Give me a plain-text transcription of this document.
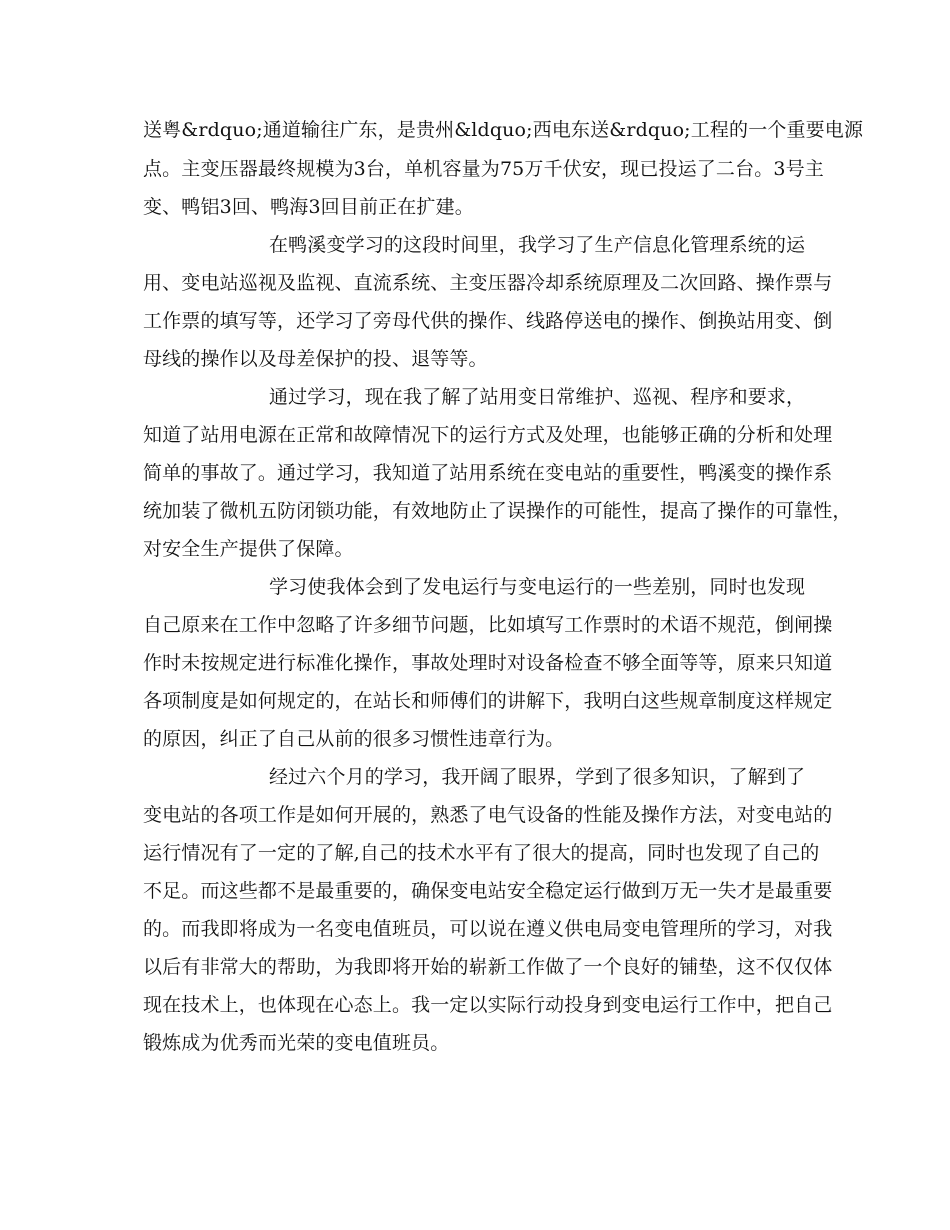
送粤&rdquo;通道输往广东，是贵州&ldquo;西电东送&rdquo;工程的一个重要电源

点。主变压器最终规模为3台，单机容量为75万千伏安，现已投运了二台。3号主

变、鸭铝3回、鸭海3回目前正在扩建。

在鸭溪变学习的这段时间里，我学习了生产信息化管理系统的运

用、变电站巡视及监视、直流系统、主变压器冷却系统原理及二次回路、操作票与

工作票的填写等，还学习了旁母代供的操作、线路停送电的操作、倒换站用变、倒

母线的操作以及母差保护的投、退等等。

通过学习，现在我了解了站用变日常维护、巡视、程序和要求，

知道了站用电源在正常和故障情况下的运行方式及处理，也能够正确的分析和处理

简单的事故了。通过学习，我知道了站用系统在变电站的重要性，鸭溪变的操作系

统加装了微机五防闭锁功能，有效地防止了误操作的可能性，提高了操作的可靠性，

对安全生产提供了保障。

学习使我体会到了发电运行与变电运行的一些差别，同时也发现

自己原来在工作中忽略了许多细节问题，比如填写工作票时的术语不规范，倒闸操

作时未按规定进行标准化操作，事故处理时对设备检查不够全面等等，原来只知道

各项制度是如何规定的，在站长和师傅们的讲解下，我明白这些规章制度这样规定

的原因，纠正了自己从前的很多习惯性违章行为。

经过六个月的学习，我开阔了眼界，学到了很多知识，了解到了

变电站的各项工作是如何开展的，熟悉了电气设备的性能及操作方法，对变电站的

运行情况有了一定的了解,自己的技术水平有了很大的提高，同时也发现了自己的

不足。而这些都不是最重要的，确保变电站安全稳定运行做到万无一失才是最重要

的。而我即将成为一名变电值班员，可以说在遵义供电局变电管理所的学习，对我

以后有非常大的帮助，为我即将开始的崭新工作做了一个良好的铺垫，这不仅仅体

现在技术上，也体现在心态上。我一定以实际行动投身到变电运行工作中，把自己

锻炼成为优秀而光荣的变电值班员。
